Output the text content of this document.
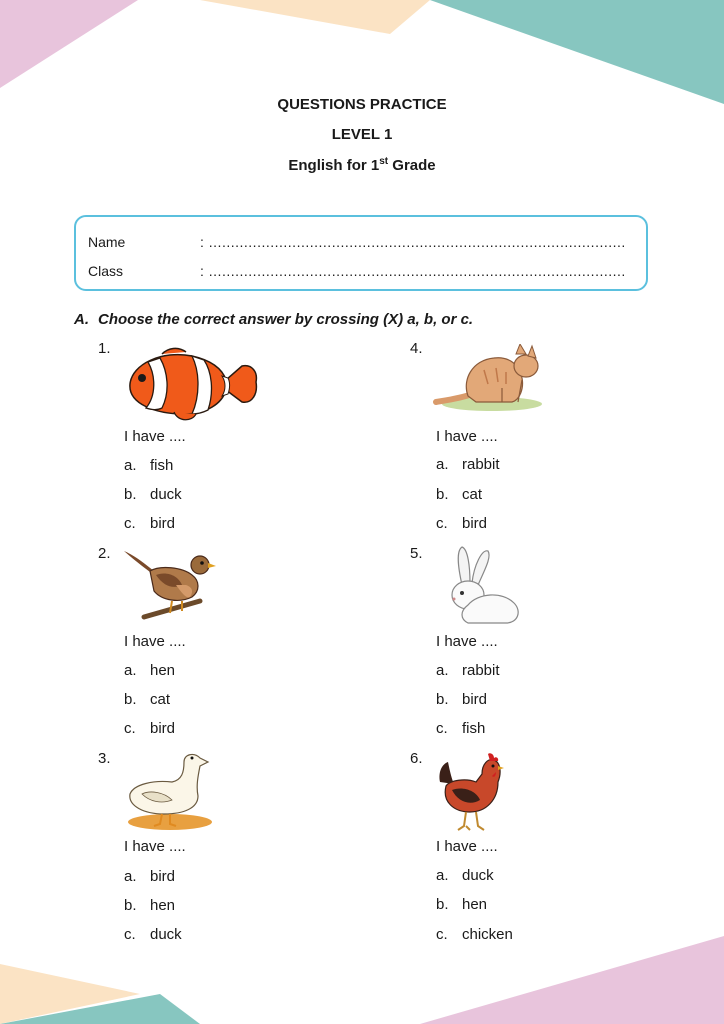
QUESTIONS PRACTICE
LEVEL 1
English for 1st Grade
Name	: ...............................................................................................
Class	: ...............................................................................................
A. Choose the correct answer by crossing (X) a, b, or c.
1.
I have ....
a. fish
b. duck
c. bird
2.
I have ....
a. hen
b. cat
c. bird
3.
I have ....
a. bird
b. hen
c. duck
4.
I have ....
a. rabbit
b. cat
c. bird
5.
I have ....
a. rabbit
b. bird
c. fish
6.
I have ....
a. duck
b. hen
c. chicken
